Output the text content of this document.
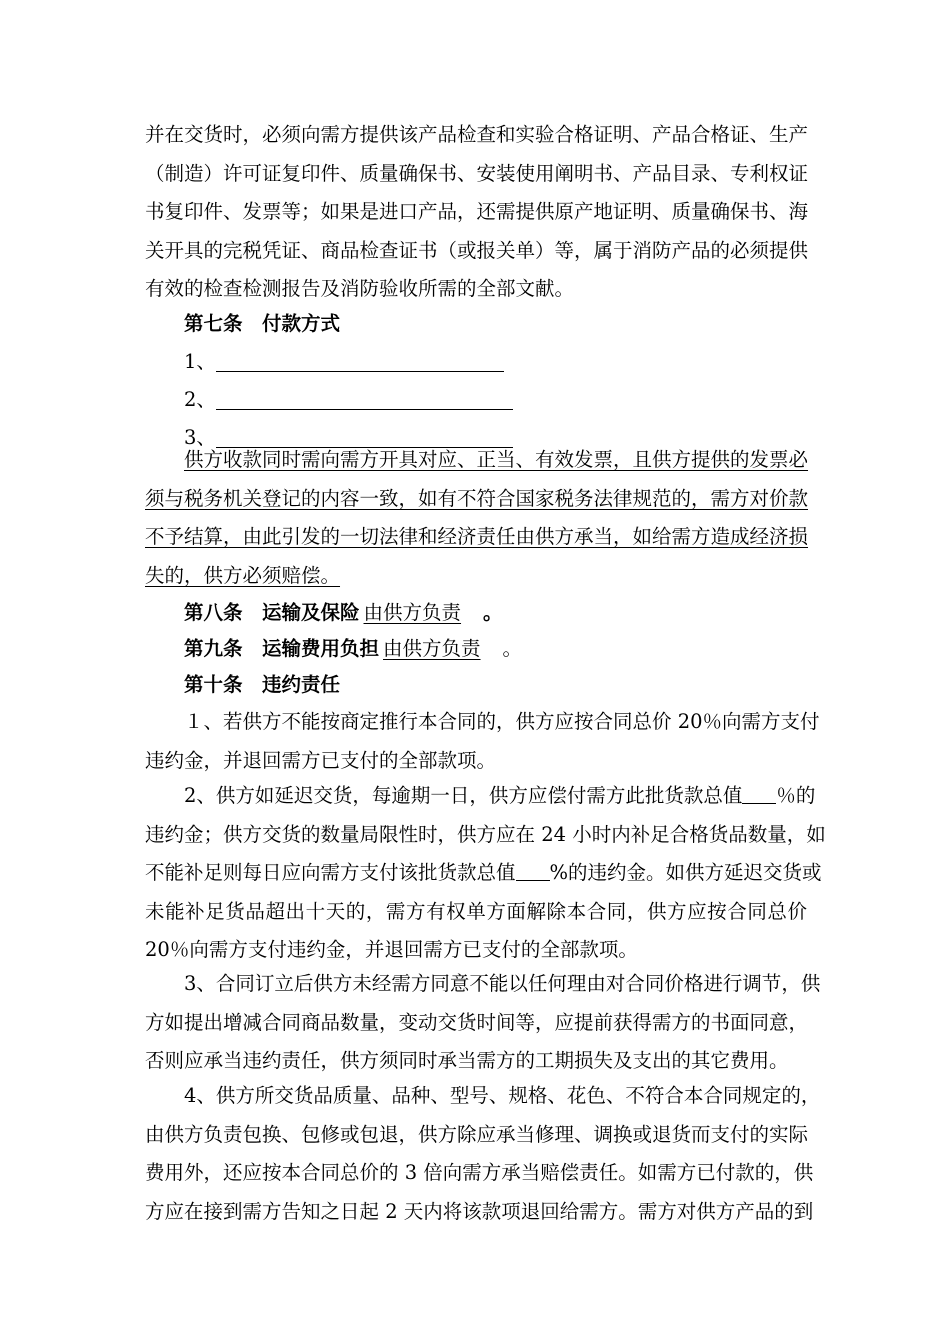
并在交货时，必须向需方提供该产品检查和实验合格证明、产品合格证、生产
（制造）许可证复印件、质量确保书、安装使用阐明书、产品目录、专利权证
书复印件、发票等；如果是进口产品，还需提供原产地证明、质量确保书、海
关开具的完税凭证、商品检查证书（或报关单）等，属于消防产品的必须提供
有效的检查检测报告及消防验收所需的全部文献。
第七条　付款方式
1、
2、
3、
供方收款同时需向需方开具对应、正当、有效发票，且供方提供的发票必
须与税务机关登记的内容一致，如有不符合国家税务法律规范的，需方对价款
不予结算，由此引发的一切法律和经济责任由供方承当，如给需方造成经济损
失的，供方必须赔偿。
第八条　运输及保险 由供方负责 。
第九条　运输费用负担 由供方负责 。
第十条　违约责任
１、若供方不能按商定推行本合同的，供方应按合同总价 20％向需方支付
违约金，并退回需方已支付的全部款项。
2、供方如延迟交货，每逾期一日，供方应偿付需方此批货款总值 ％的
违约金；供方交货的数量局限性时，供方应在 24 小时内补足合格货品数量，如
不能补足则每日应向需方支付该批货款总值 %的违约金。如供方延迟交货或
未能补足货品超出十天的，需方有权单方面解除本合同，供方应按合同总价
20％向需方支付违约金，并退回需方已支付的全部款项。
3、合同订立后供方未经需方同意不能以任何理由对合同价格进行调节，供
方如提出增减合同商品数量，变动交货时间等，应提前获得需方的书面同意，
否则应承当违约责任，供方须同时承当需方的工期损失及支出的其它费用。
4、供方所交货品质量、品种、型号、规格、花色、不符合本合同规定的，
由供方负责包换、包修或包退，供方除应承当修理、调换或退货而支付的实际
费用外，还应按本合同总价的 3 倍向需方承当赔偿责任。如需方已付款的，供
方应在接到需方告知之日起 2 天内将该款项退回给需方。需方对供方产品的到
